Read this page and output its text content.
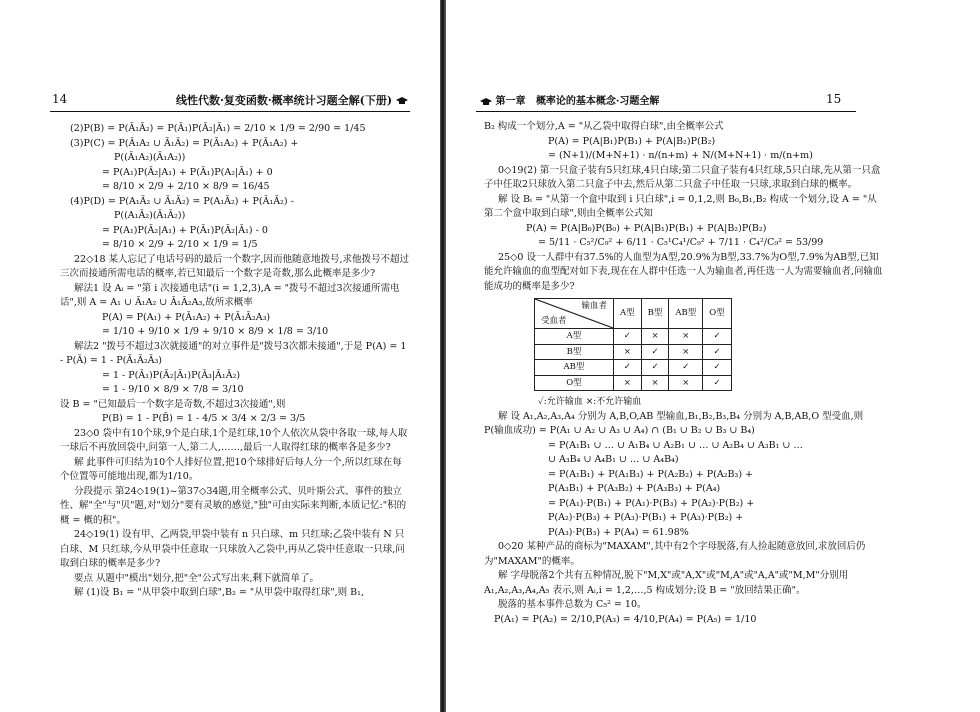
14	线性代数·复变函数·概率统计习题全解(下册)
(2)P(B) = P(Ā₁Ā₂) = P(Ā₁)P(Ā₂|Ā₁) = 2/10 × 1/9 = 2/90 = 1/45
(3)P(C) = P(Ā₁A₂ ∪ Ā₁Ā₂) = P(Ā₁A₂) + P(Ā₁A₂) +
P((Ā₁A₂)(Ā₁A₂))
= P(A₁)P(Ā₂|A₁) + P(Ā₁)P(A₂|Ā₁) + 0
= 8/10 × 2/9 + 2/10 × 8/9 = 16/45
(4)P(D) = P(A₁Ā₂ ∪ Ā₁Ā₂) = P(A₁Ā₂) + P(Ā₁Ā₂) -
P((A₁Ā₂)(Ā₁Ā₂))
= P(A₁)P(Ā₂|A₁) + P(Ā₁)P(Ā₂|Ā₁) - 0
= 8/10 × 2/9 + 2/10 × 1/9 = 1/5
22◇18 某人忘记了电话号码的最后一个数字,因而他随意地拨号,求他拨号不超过三次而接通所需电话的概率,若已知最后一个数字是奇数,那么此概率是多少?
解法1 设 Aᵢ = "第 i 次接通电话"(i = 1,2,3),A = "拨号不超过3次接通所需电话",则 A = A₁ ∪ Ā₁A₂ ∪ Ā₁Ā₂A₃,故所求概率
P(A) = P(A₁) + P(Ā₁A₂) + P(Ā₁Ā₂A₃)
= 1/10 + 9/10 × 1/9 + 9/10 × 8/9 × 1/8 = 3/10
解法2 "拨号不超过3次就接通"的对立事件是"拨号3次都未接通",于是 P(A) = 1 - P(Ā) = 1 - P(Ā₁Ā₂Ā₃)
= 1 - P(Ā₁)P(Ā₂|Ā₁)P(Ā₃|Ā₁Ā₂)
= 1 - 9/10 × 8/9 × 7/8 = 3/10
设 B = "已知最后一个数字是奇数,不超过3次接通",则
P(B) = 1 - P(B̄) = 1 - 4/5 × 3/4 × 2/3 = 3/5
23◇0 袋中有10个球,9个是白球,1个是红球,10个人依次从袋中各取一球,每人取一球后不再放回袋中,问第一人,第二人,……,最后一人取得红球的概率各是多少?
解 此事件可归结为10个人排好位置,把10个球排好后每人分一个,所以红球在每个位置等可能地出现,都为1/10。
分段提示 第24◇19(1)~第37◇34题,用全概率公式、贝叶斯公式、事件的独立性、解"全"与"贝"题,对"划分"要有灵敏的感觉,"独"可由实际来判断,本质记忆:"积的概 = 概的积"。
24◇19(1) 设有甲、乙两袋,甲袋中装有 n 只白球、m 只红球;乙袋中装有 N 只白球、M 只红球,今从甲袋中任意取一只球放入乙袋中,再从乙袋中任意取一只球,问取到白球的概率是多少?
要点 从题中"模出"划分,把"全"公式写出来,剩下就简单了。
解 (1)设 B₁ = "从甲袋中取到白球",B₂ = "从甲袋中取得红球",则 B₁,
第一章 概率论的基本概念·习题全解	15
B₂ 构成一个划分,A = "从乙袋中取得白球",由全概率公式
P(A) = P(A|B₁)P(B₁) + P(A|B₂)P(B₂)
= (N+1)/(M+N+1) · n/(n+m) + N/(M+N+1) · m/(n+m)
0◇19(2) 第一只盒子装有5只红球,4只白球;第二只盒子装有4只红球,5只白球,先从第一只盒子中任取2只球放入第二只盒子中去,然后从第二只盒子中任取一只球,求取到白球的概率。
解 设 Bᵢ = "从第一个盒中取到 i 只白球",i = 0,1,2,则 B₀,B₁,B₂ 构成一个划分,设 A = "从第二个盒中取到白球",则由全概率公式知
P(A) = P(A|B₀)P(B₀) + P(A|B₁)P(B₁) + P(A|B₂)P(B₂)
= 5/11 · C₅²/C₉² + 6/11 · C₅¹C₄¹/C₉² + 7/11 · C₄²/C₉² = 53/99
25◇0 设一人群中有37.5%的人血型为A型,20.9%为B型,33.7%为O型,7.9%为AB型,已知能允许输血的血型配对如下表,现在在人群中任选一人为输血者,再任选一人为需要输血者,问输血能成功的概率是多少?
输血者
受血者	A型	B型	AB型	O型
A型	✓	×	×	✓
B型	×	✓	×	✓
AB型	✓	✓	✓	✓
O型	×	×	×	✓
✓:允许输血 ×:不允许输血
解 设 A₁,A₂,A₃,A₄ 分别为 A,B,O,AB 型输血,B₁,B₂,B₃,B₄ 分别为 A,B,AB,O 型受血,则
P(输血成功) = P(A₁ ∪ A₂ ∪ A₃ ∪ A₄) ∩ (B₁ ∪ B₂ ∪ B₃ ∪ B₄)
= P(A₁B₁ ∪ … ∪ A₁B₄ ∪ A₂B₁ ∪ … ∪ A₂B₄ ∪ A₃B₁ ∪ …
∪ A₃B₄ ∪ A₄B₁ ∪ … ∪ A₄B₄)
= P(A₁B₁) + P(A₁B₃) + P(A₂B₂) + P(A₂B₃) +
P(A₃B₁) + P(A₃B₂) + P(A₃B₃) + P(A₄)
= P(A₁)·P(B₁) + P(A₁)·P(B₃) + P(A₂)·P(B₂) +
P(A₂)·P(B₃) + P(A₃)·P(B₁) + P(A₃)·P(B₂) +
P(A₃)·P(B₃) + P(A₄) = 61.98%
0◇20 某种产品的商标为"MAXAM",其中有2个字母脱落,有人捡起随意放回,求放回后仍为"MAXAM"的概率。
解 字母脱落2个共有五种情况,脱下"M,X"或"A,X"或"M,A"或"A,A"或"M,M"分别用 A₁,A₂,A₃,A₄,A₅ 表示,则 Aᵢ,i = 1,2,…,5 构成划分;设 B = "放回结果正确"。
脱落的基本事件总数为 C₅² = 10。
P(A₁) = P(A₂) = 2/10,P(A₃) = 4/10,P(A₄) = P(A₅) = 1/10
